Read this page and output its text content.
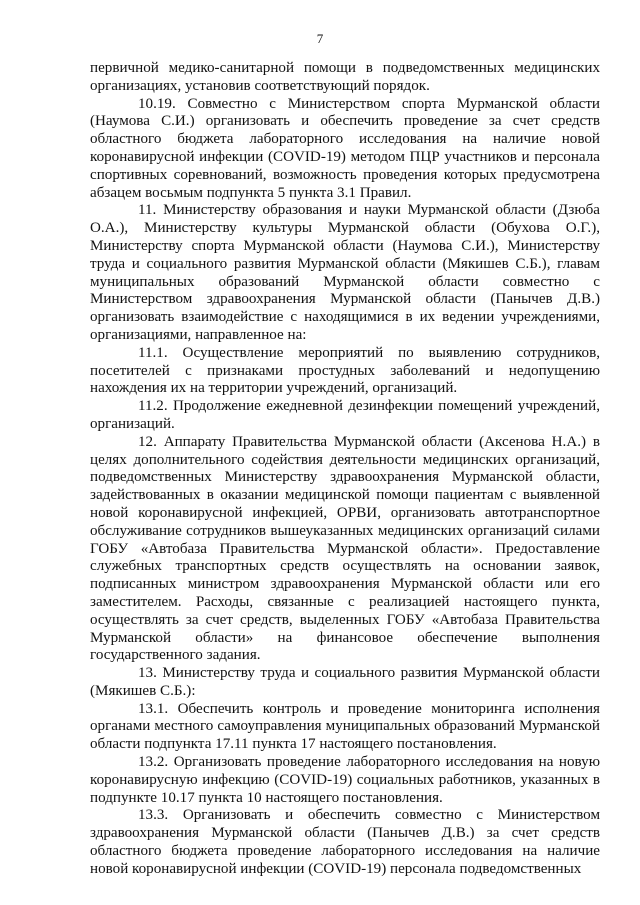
7

первичной медико-санитарной помощи в подведомственных медицинских организациях, установив соответствующий порядок.

10.19. Совместно с Министерством спорта Мурманской области (Наумова С.И.) организовать и обеспечить проведение за счет средств областного бюджета лабораторного исследования на наличие новой коронавирусной инфекции (COVID-19) методом ПЦР участников и персонала спортивных соревнований, возможность проведения которых предусмотрена абзацем восьмым подпункта 5 пункта 3.1 Правил.

11. Министерству образования и науки Мурманской области (Дзюба О.А.), Министерству культуры Мурманской области (Обухова О.Г.), Министерству спорта Мурманской области (Наумова С.И.), Министерству труда и социального развития Мурманской области (Мякишев С.Б.), главам муниципальных образований Мурманской области совместно с Министерством здравоохранения Мурманской области (Панычев Д.В.) организовать взаимодействие с находящимися в их ведении учреждениями, организациями, направленное на:

11.1. Осуществление мероприятий по выявлению сотрудников, посетителей с признаками простудных заболеваний и недопущению нахождения их на территории учреждений, организаций.

11.2. Продолжение ежедневной дезинфекции помещений учреждений, организаций.

12. Аппарату Правительства Мурманской области (Аксенова Н.А.) в целях дополнительного содействия деятельности медицинских организаций, подведомственных Министерству здравоохранения Мурманской области, задействованных в оказании медицинской помощи пациентам с выявленной новой коронавирусной инфекцией, ОРВИ, организовать автотранспортное обслуживание сотрудников вышеуказанных медицинских организаций силами ГОБУ «Автобаза Правительства Мурманской области». Предоставление служебных транспортных средств осуществлять на основании заявок, подписанных министром здравоохранения Мурманской области или его заместителем. Расходы, связанные с реализацией настоящего пункта, осуществлять за счет средств, выделенных ГОБУ «Автобаза Правительства Мурманской области» на финансовое обеспечение выполнения государственного задания.

13. Министерству труда и социального развития Мурманской области (Мякишев С.Б.):

13.1. Обеспечить контроль и проведение мониторинга исполнения органами местного самоуправления муниципальных образований Мурманской области подпункта 17.11 пункта 17 настоящего постановления.

13.2. Организовать проведение лабораторного исследования на новую коронавирусную инфекцию (COVID-19) социальных работников, указанных в подпункте 10.17 пункта 10 настоящего постановления.

13.3. Организовать и обеспечить совместно с Министерством здравоохранения Мурманской области (Панычев Д.В.) за счет средств областного бюджета проведение лабораторного исследования на наличие новой коронавирусной инфекции (COVID-19) персонала подведомственных
